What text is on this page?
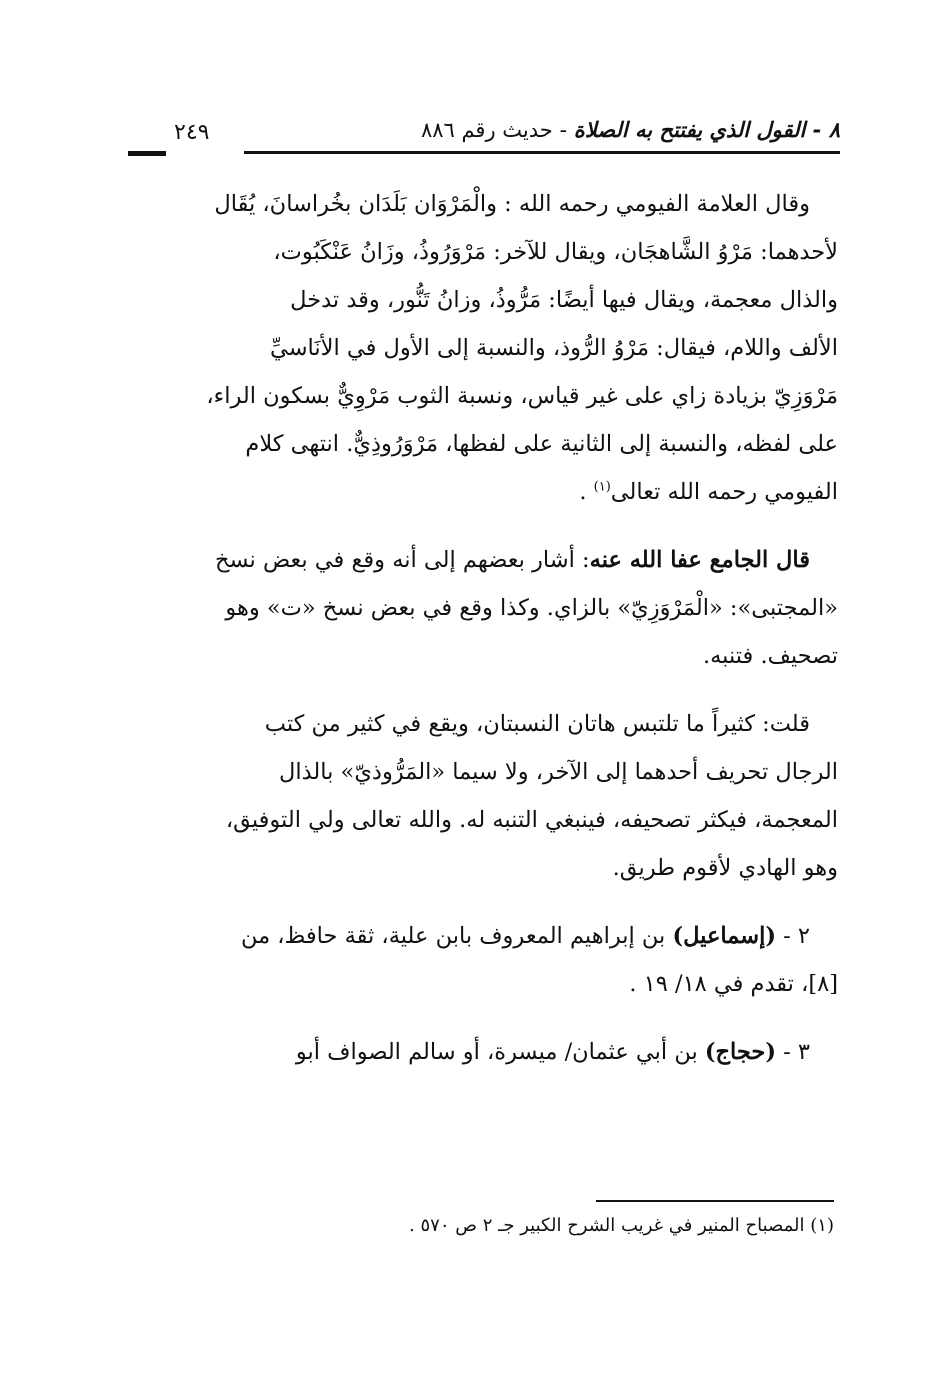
٨ - القول الذي يفتتح به الصلاة - حديث رقم ٨٨٦
٢٤٩

وقال العلامة الفيومي رحمه الله : والْمَرْوَان بَلَدَان بخُراسانَ، يُقَال

لأحدهما: مَرْوُ الشَّاهجَان، ويقال للآخر: مَرْوَرُوذُ، وزَانُ عَنْكَبُوت،

والذال معجمة، ويقال فيها أيضًا: مَرُّوذُ، وزانُ تَنُّور، وقد تدخل

الألف واللام، فيقال: مَرْوُ الرُّوذ، والنسبة إلى الأول في الأنَاسيِّ

مَرْوَزِيّ بزيادة زاي على غير قياس، ونسبة الثوب مَرْوِيٌّ بسكون الراء،

على لفظه، والنسبة إلى الثانية على لفظها، مَرْوَرُوذِيٌّ. انتهى كلام

الفيومي رحمه الله تعالى$^{(١)}$ .

قال الجامع عفا الله عنه: أشار بعضهم إلى أنه وقع في بعض نسخ

«المجتبى»: «الْمَرْوَزِيّ» بالزاي. وكذا وقع في بعض نسخ «ت» وهو

تصحيف. فتنبه.

قلت: كثيراً ما تلتبس هاتان النسبتان، ويقع في كثير من كتب

الرجال تحريف أحدهما إلى الآخر، ولا سيما «المَرُّوذيّ» بالذال

المعجمة، فيكثر تصحيفه، فينبغي التنبه له. والله تعالى ولي التوفيق،

وهو الهادي لأقوم طريق.

٢ - (إسماعيل) بن إبراهيم المعروف بابن علية، ثقة حافظ، من

[٨]، تقدم في ١٨/ ١٩ .

٣ - (حجاج) بن أبي عثمان/ ميسرة، أو سالم الصواف أبو

(١) المصباح المنير في غريب الشرح الكبير جـ ٢ ص ٥٧٠ .
